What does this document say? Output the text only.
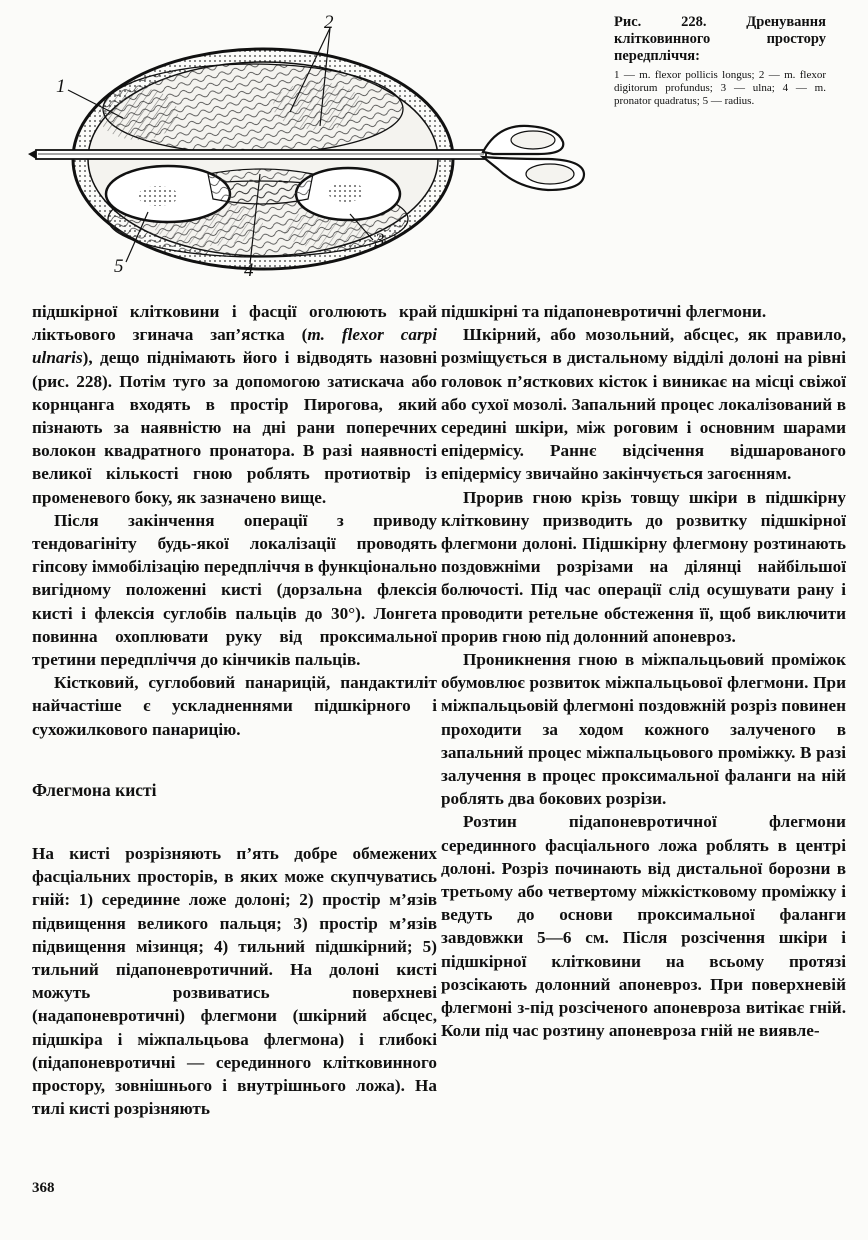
1
2
3
4
5
Рис. 228. Дренування клітковинного простору передпліччя:
1 — m. flexor pollicis longus; 2 — m. flexor digitorum profundus; 3 — ulna; 4 — m. pronator quadratus; 5 — radius.

підшкірної клітковини і фасції оголюють край ліктьового згинача зап’ястка (m. flexor carpi ulnaris), дещо піднімають його і відводять назовні (рис. 228). Потім туго за допомогою затискача або корнцанга входять в простір Пирогова, який пізнають за наявністю на дні рани поперечних волокон квадратного пронатора. В разі наявності великої кількості гною роблять протиотвір із променевого боку, як зазначено вище.

Після закінчення операції з приводу тендовагініту будь-якої локалізації проводять гіпсову іммобілізацію передпліччя в функціонально вигідному положенні кисті (дорзальна флексія кисті і флексія суглобів пальців до 30°). Лонгета повинна охоплювати руку від проксимальної третини передпліччя до кінчиків пальців.

Кістковий, суглобовий панарицій, пандактиліт найчастіше є ускладненнями підшкірного і сухожилкового панарицію.

Флегмона кисті

На кисті розрізняють п’ять добре обмежених фасціальних просторів, в яких може скупчуватись гній: 1) серединне ложе долоні; 2) простір м’язів підвищення великого пальця; 3) простір м’язів підвищення мізинця; 4) тильний підшкірний; 5) тильний підапоневротичний. На долоні кисті можуть розвиватись поверхневі (надапоневротичні) флегмони (шкірний абсцес, підшкіра і міжпальцьова флегмона) і глибокі (підапоневротичні — серединного клітковинного простору, зовнішнього і внутрішнього ложа). На тилі кисті розрізняють

підшкірні та підапоневротичні флегмони.

Шкірний, або мозольний, абсцес, як правило, розміщується в дистальному відділі долоні на рівні головок п’ясткових кісток і виникає на місці свіжої або сухої мозолі. Запальний процес локалізований в середині шкіри, між роговим і основним шарами епідермісу. Раннє відсічення відшарованого епідермісу звичайно закінчується загоєнням.

Прорив гною крізь товщу шкіри в підшкірну клітковину призводить до розвитку підшкірної флегмони долоні. Підшкірну флегмону розтинають поздовжніми розрізами на ділянці найбільшої болючості. Під час операції слід осушувати рану і проводити ретельне обстеження її, щоб виключити прорив гною під долонний апоневроз.

Проникнення гною в міжпальцьовий проміжок обумовлює розвиток міжпальцьової флегмони. При міжпальцьовій флегмоні поздовжній розріз повинен проходити за ходом кожного залученого в запальний процес міжпальцьового проміжку. В разі залучення в процес проксимальної фаланги на ній роблять два бокових розрізи.

Розтин підапоневротичної флегмони серединного фасціального ложа роблять в центрі долоні. Розріз починають від дистальної борозни в третьому або четвертому міжкістковому проміжку і ведуть до основи проксимальної фаланги завдовжки 5—6 см. Після розсічення шкіри і підшкірної клітковини на всьому протязі розсікають долонний апоневроз. При поверхневій флегмоні з-під розсіченого апоневроза витікає гній. Коли під час розтину апоневроза гній не виявле-

368
